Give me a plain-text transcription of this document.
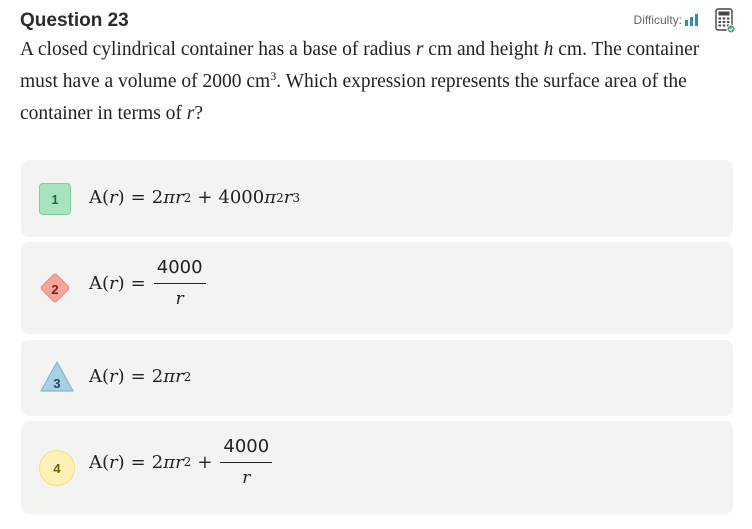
Question 23	Difficulty:
A closed cylindrical container has a base of radius r cm and height h cm. The container must have a volume of 2000 $cm^3$. Which expression represents the surface area of the container in terms of r?
1 A ( r ) = 2 π r 2 + 4000 π 2 r 3
2 A ( r ) = $\frac{4000}{r}$
3 A ( r ) = 2 π r 2
4 A ( r ) = 2 π r $2 + \frac{4000}{r}$
